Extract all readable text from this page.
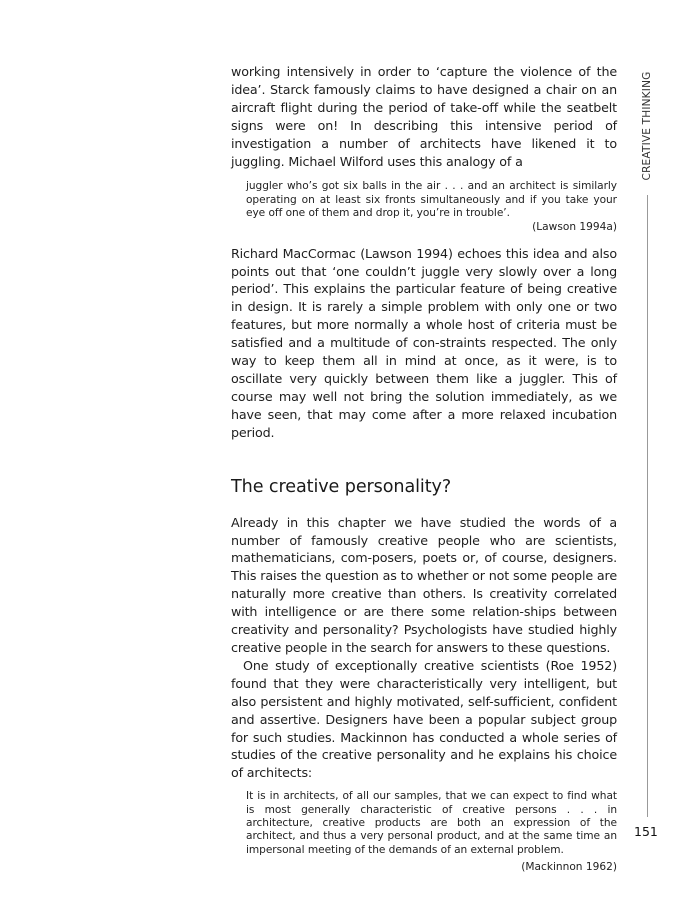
working intensively in order to ‘capture the violence of the idea’. Starck famously claims to have designed a chair on an aircraft flight during the period of take-off while the seatbelt signs were on! In describing this intensive period of investigation a number of architects have likened it to juggling. Michael Wilford uses this analogy of a

juggler who’s got six balls in the air . . . and an architect is similarly operating on at least six fronts simultaneously and if you take your eye off one of them and drop it, you’re in trouble’.

(Lawson 1994a)

Richard MacCormac (Lawson 1994) echoes this idea and also points out that ‘one couldn’t juggle very slowly over a long period’. This explains the particular feature of being creative in design. It is rarely a simple problem with only one or two features, but more normally a whole host of criteria must be satisfied and a multitude of con-straints respected. The only way to keep them all in mind at once, as it were, is to oscillate very quickly between them like a juggler. This of course may well not bring the solution immediately, as we have seen, that may come after a more relaxed incubation period.

The creative personality?

Already in this chapter we have studied the words of a number of famously creative people who are scientists, mathematicians, com-posers, poets or, of course, designers. This raises the question as to whether or not some people are naturally more creative than others. Is creativity correlated with intelligence or are there some relation-ships between creativity and personality? Psychologists have studied highly creative people in the search for answers to these questions.

One study of exceptionally creative scientists (Roe 1952) found that they were characteristically very intelligent, but also persistent and highly motivated, self-sufficient, confident and assertive. Designers have been a popular subject group for such studies. Mackinnon has conducted a whole series of studies of the creative personality and he explains his choice of architects:

It is in architects, of all our samples, that we can expect to find what is most generally characteristic of creative persons . . . in architecture, creative products are both an expression of the architect, and thus a very personal product, and at the same time an impersonal meeting of the demands of an external problem.

(Mackinnon 1962)
CREATIVE THINKING
151
